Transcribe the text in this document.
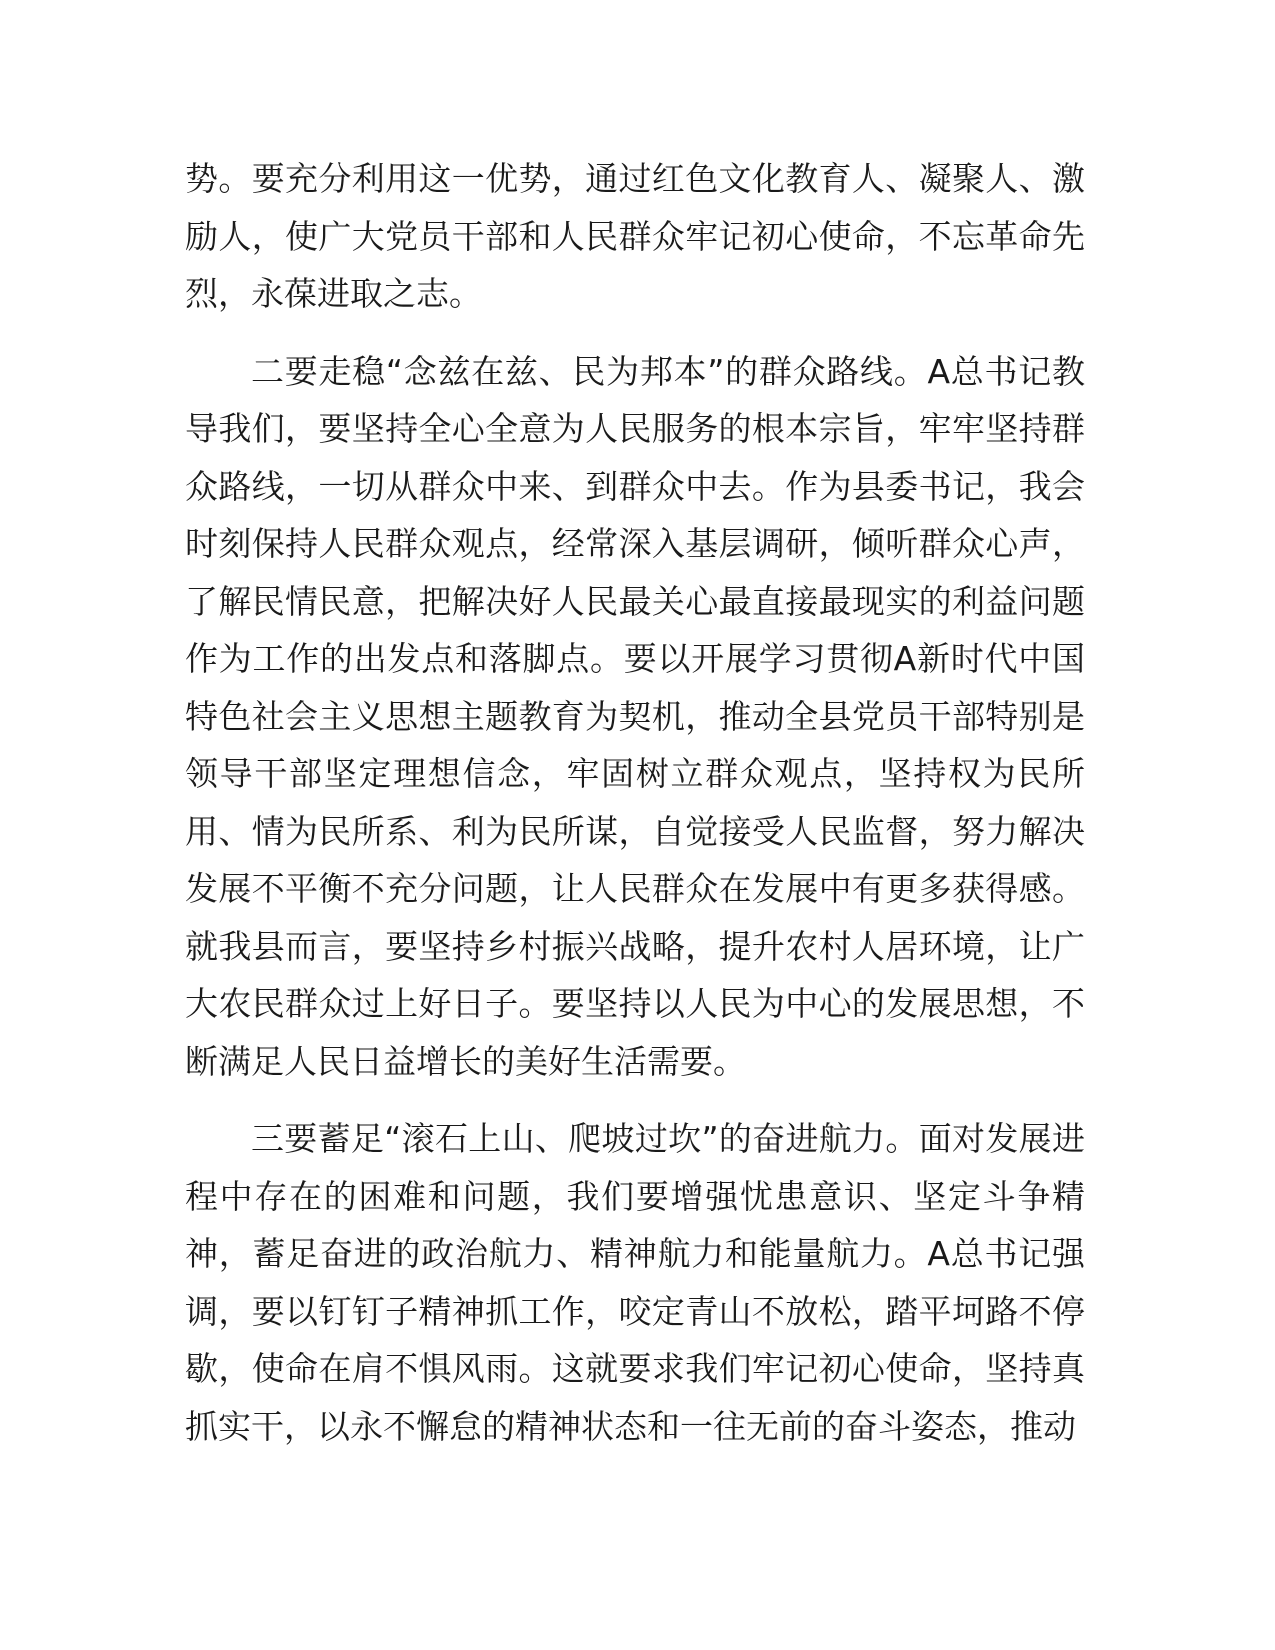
势。要充分利用这一优势，通过红色文化教育人、凝聚人、激励人，使广大党员干部和人民群众牢记初心使命，不忘革命先烈，永葆进取之志。

二要走稳“念兹在兹、民为邦本”的群众路线。A总书记教导我们，要坚持全心全意为人民服务的根本宗旨，牢牢坚持群众路线，一切从群众中来、到群众中去。作为县委书记，我会时刻保持人民群众观点，经常深入基层调研，倾听群众心声，了解民情民意，把解决好人民最关心最直接最现实的利益问题作为工作的出发点和落脚点。要以开展学习贯彻A新时代中国特色社会主义思想主题教育为契机，推动全县党员干部特别是领导干部坚定理想信念，牢固树立群众观点，坚持权为民所用、情为民所系、利为民所谋，自觉接受人民监督，努力解决发展不平衡不充分问题，让人民群众在发展中有更多获得感。就我县而言，要坚持乡村振兴战略，提升农村人居环境，让广大农民群众过上好日子。要坚持以人民为中心的发展思想，不断满足人民日益增长的美好生活需要。

三要蓄足“滚石上山、爬坡过坎”的奋进航力。面对发展进程中存在的困难和问题，我们要增强忧患意识、坚定斗争精神，蓄足奋进的政治航力、精神航力和能量航力。A总书记强调，要以钉钉子精神抓工作，咬定青山不放松，踏平坷路不停歇，使命在肩不惧风雨。这就要求我们牢记初心使命，坚持真抓实干，以永不懈怠的精神状态和一往无前的奋斗姿态，推动
